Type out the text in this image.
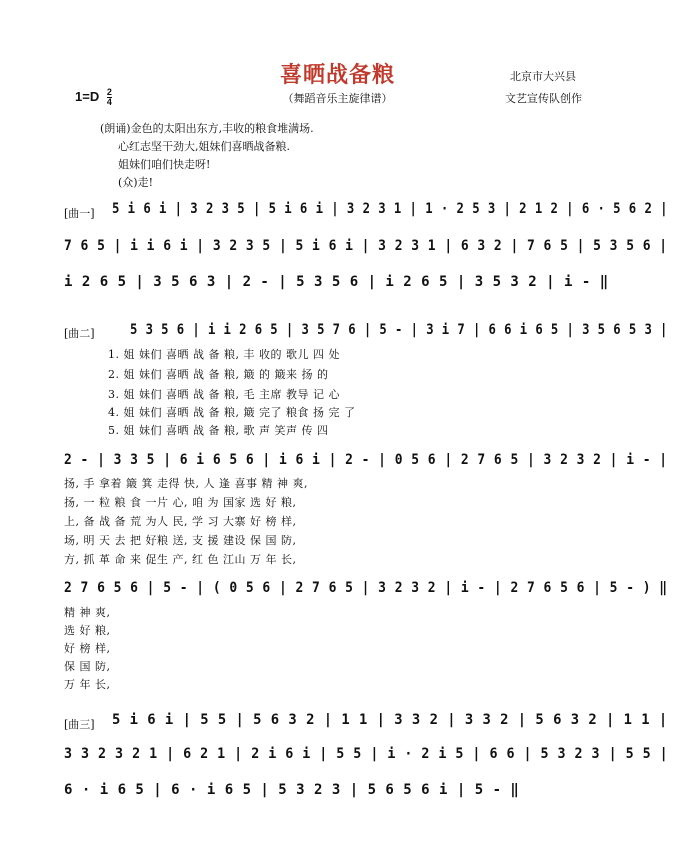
喜晒战备粮
（舞蹈音乐主旋律谱）
$1=D \frac{2}{4}$
北京市大兴县
文艺宣传队创作
(朗诵)金色的太阳出东方,丰收的粮食堆满场.
心红志坚干劲大,姐妹们喜晒战备粮.
姐妹们咱们快走呀!
(众)走!
[曲一] 5 i 6 i | 3 2 3 5 | 5 i 6 i | 3 2 3 1 | 1 · 2 5 3 | 2 1 2 | 6 · 5 6 2 |
7 6 5 | i i 6 i | 3 2 3 5 | 5 i 6 i | 3 2 3 1 | 6 3 2 | 7 6 5 | 5 3 5 6 |
i 2 6 5 | 3 5 6 3 | 2 - | 5 3 5 6 | i 2 6 5 | 3 5 3 2 | i - ‖
[曲二]	5 3 5 6 | i i 2 6 5 | 3 5 7 6 | 5 - | 3 i 7 | 6 6 i 6 5 | 3 5 6 5 3 |
1. 姐 妹们 喜晒 战 备 粮, 丰 收的 歌儿 四 处
2. 姐 妹们 喜晒 战 备 粮, 簸 的 簸来 扬 的
3. 姐 妹们 喜晒 战 备 粮, 毛 主席 教导 记 心
4. 姐 妹们 喜晒 战 备 粮, 簸 完了 粮食 扬 完 了
5. 姐 妹们 喜晒 战 备 粮, 歌 声 笑声 传 四
2 - | 3 3 5 | 6 i 6 5 6 | i 6 i | 2 - | 0 5 6 | 2 7 6 5 | 3 2 3 2 | i - |
扬, 手 拿着 簸 箕 走得 快, 人 逢 喜事 精 神 爽,
扬, 一 粒 粮 食 一片 心, 咱 为 国家 选 好 粮,
上, 备 战 备 荒 为人 民, 学 习 大寨 好 榜 样,
场, 明 天 去 把 好粮 送, 支 援 建设 保 国 防,
方, 抓 革 命 来 促生 产, 红 色 江山 万 年 长,
2 7 6 5 6 | 5 - | ( 0 5 6 | 2 7 6 5 | 3 2 3 2 | i - | 2 7 6 5 6 | 5 - ) ‖
精 神 爽,
选 好 粮,
好 榜 样,
保 国 防,
万 年 长,
[曲三] 5 i 6 i | 5 5 | 5 6 3 2 | 1 1 | 3 3 2 | 3 3 2 | 5 6 3 2 | 1 1 |
3 3 2 3 2 1 | 6 2 1 | 2 i 6 i | 5 5 | i · 2 i 5 | 6 6 | 5 3 2 3 | 5 5 |
6 · i 6 5 | 6 · i 6 5 | 5 3 2 3 | 5 6 5 6 i | 5 - ‖
